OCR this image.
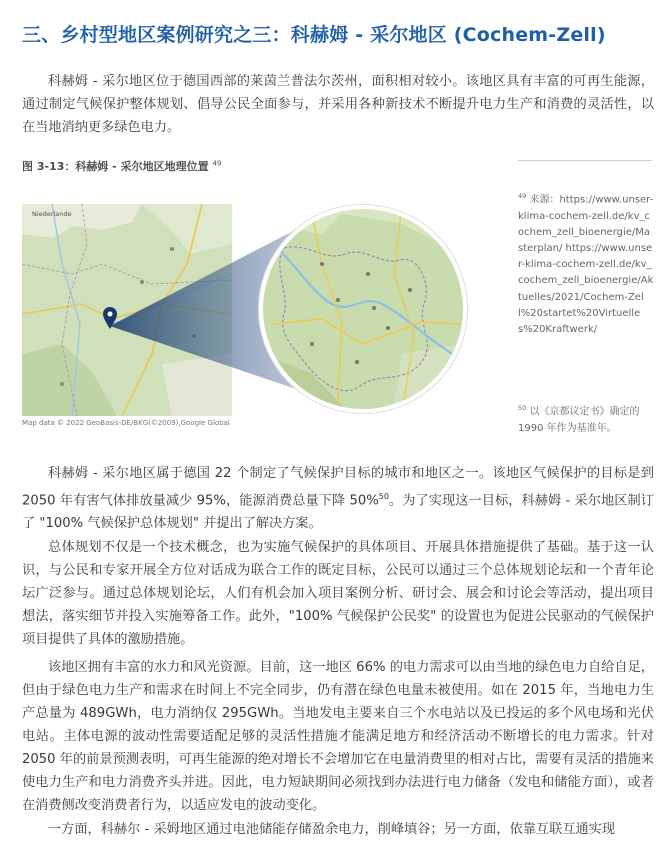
三、乡村型地区案例研究之三：科赫姆 - 采尔地区 (Cochem-Zell)

科赫姆 - 采尔地区位于德国西部的莱茵兰普法尔茨州，面积相对较小。该地区具有丰富的可再生能源，通过制定气候保护整体规划、倡导公民全面参与，并采用各种新技术不断提升电力生产和消费的灵活性，以在当地消纳更多绿色电力。

图 3-13：科赫姆 - 采尔地区地理位置 $^{49}$
Niederlande
Map data © 2022 GeoBasis-DE/BKG(©2009),Google Global
$^{49}$ 来源：https://www.unser-klima-cochem-zell.de/kv_cochem_zell_bioenergie/Masterplan/ https://www.unser-klima-cochem-zell.de/kv_cochem_zell_bioenergie/Aktuelles/2021/Cochem-Zell%20startet%20Virtuelles%20Kraftwerk/
$^{50}$ 以《京都议定书》确定的 1990 年作为基准年。

科赫姆 - 采尔地区属于德国 22 个制定了气候保护目标的城市和地区之一。该地区气候保护的目标是到 2050 年有害气体排放量减少 95%，能源消费总量下降 50%$^{50}$。为了实现这一目标，科赫姆 - 采尔地区制订了 "100% 气候保护总体规划" 并提出了解决方案。

总体规划不仅是一个技术概念，也为实施气候保护的具体项目、开展具体措施提供了基础。基于这一认识，与公民和专家开展全方位对话成为联合工作的既定目标，公民可以通过三个总体规划论坛和一个青年论坛广泛参与。通过总体规划论坛，人们有机会加入项目案例分析、研讨会、展会和讨论会等活动，提出项目想法，落实细节并投入实施筹备工作。此外，"100% 气候保护公民奖" 的设置也为促进公民驱动的气候保护项目提供了具体的激励措施。

该地区拥有丰富的水力和风光资源。目前，这一地区 66% 的电力需求可以由当地的绿色电力自给自足，但由于绿色电力生产和需求在时间上不完全同步，仍有潜在绿色电量未被使用。如在 2015 年，当地电力生产总量为 489GWh，电力消纳仅 295GWh。当地发电主要来自三个水电站以及已投运的多个风电场和光伏电站。主体电源的波动性需要适配足够的灵活性措施才能满足地方和经济活动不断增长的电力需求。针对 2050 年的前景预测表明，可再生能源的绝对增长不会增加它在电量消费里的相对占比，需要有灵活的措施来使电力生产和电力消费齐头并进。因此，电力短缺期间必须找到办法进行电力储备（发电和储能方面），或者在消费侧改变消费者行为，以适应发电的波动变化。

一方面，科赫尔 - 采姆地区通过电池储能存储盈余电力，削峰填谷；另一方面，依靠互联互通实现
